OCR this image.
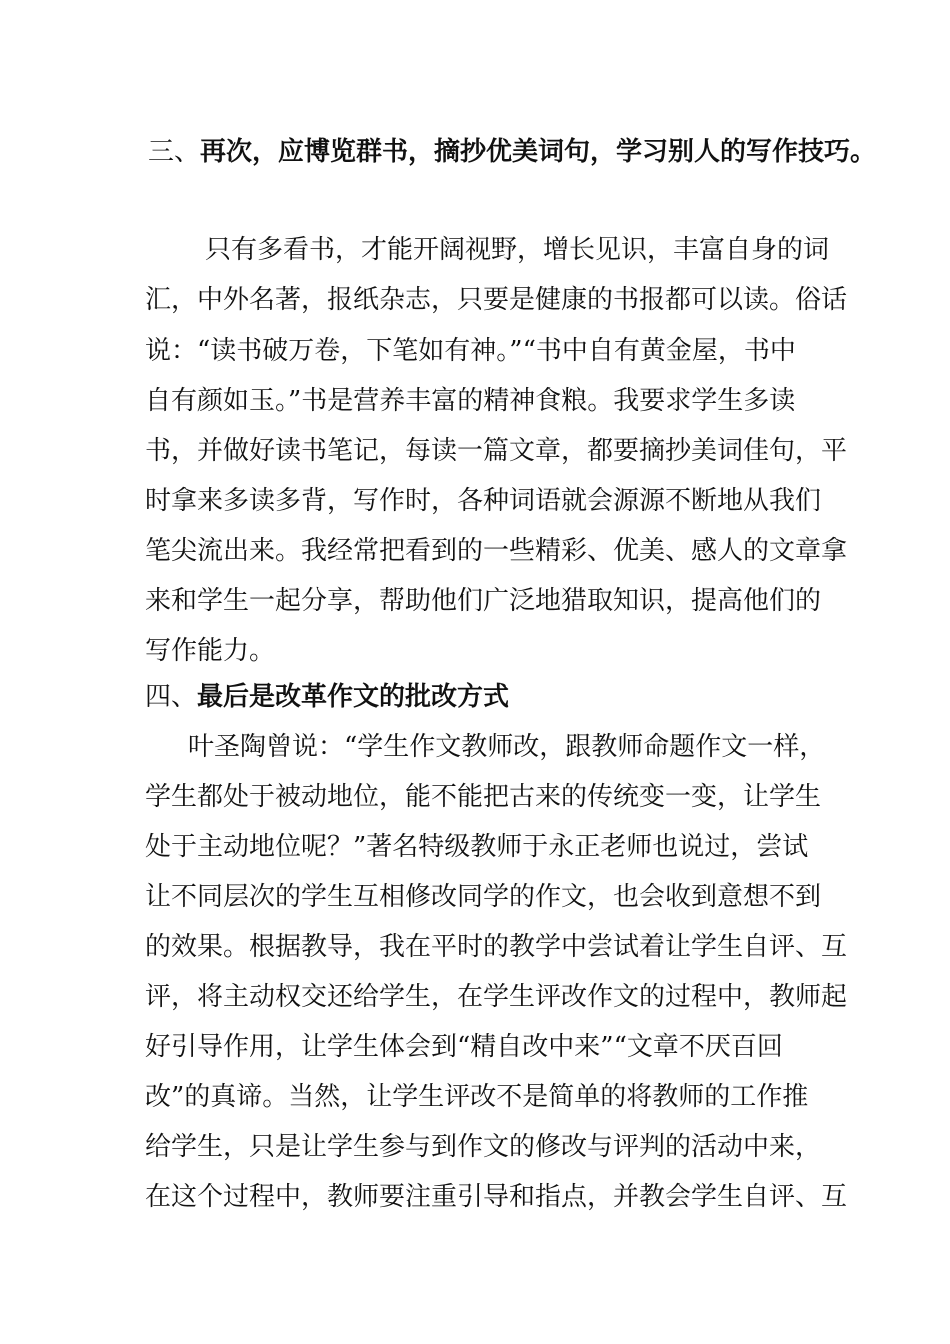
三、再次，应博览群书，摘抄优美词句，学习别人的写作技巧。
只有多看书，才能开阔视野，增长见识，丰富自身的词
汇，中外名著，报纸杂志，只要是健康的书报都可以读。俗话
说：“读书破万卷，下笔如有神。”“书中自有黄金屋，书中
自有颜如玉。”书是营养丰富的精神食粮。我要求学生多读
书，并做好读书笔记，每读一篇文章，都要摘抄美词佳句，平
时拿来多读多背，写作时，各种词语就会源源不断地从我们
笔尖流出来。我经常把看到的一些精彩、优美、感人的文章拿
来和学生一起分享，帮助他们广泛地猎取知识，提高他们的
写作能力。
四、最后是改革作文的批改方式
叶圣陶曾说：“学生作文教师改，跟教师命题作文一样，
学生都处于被动地位，能不能把古来的传统变一变，让学生
处于主动地位呢？”著名特级教师于永正老师也说过，尝试
让不同层次的学生互相修改同学的作文，也会收到意想不到
的效果。根据教导，我在平时的教学中尝试着让学生自评、互
评，将主动权交还给学生，在学生评改作文的过程中，教师起
好引导作用，让学生体会到“精自改中来”“文章不厌百回
改”的真谛。当然，让学生评改不是简单的将教师的工作推
给学生，只是让学生参与到作文的修改与评判的活动中来，
在这个过程中，教师要注重引导和指点，并教会学生自评、互
